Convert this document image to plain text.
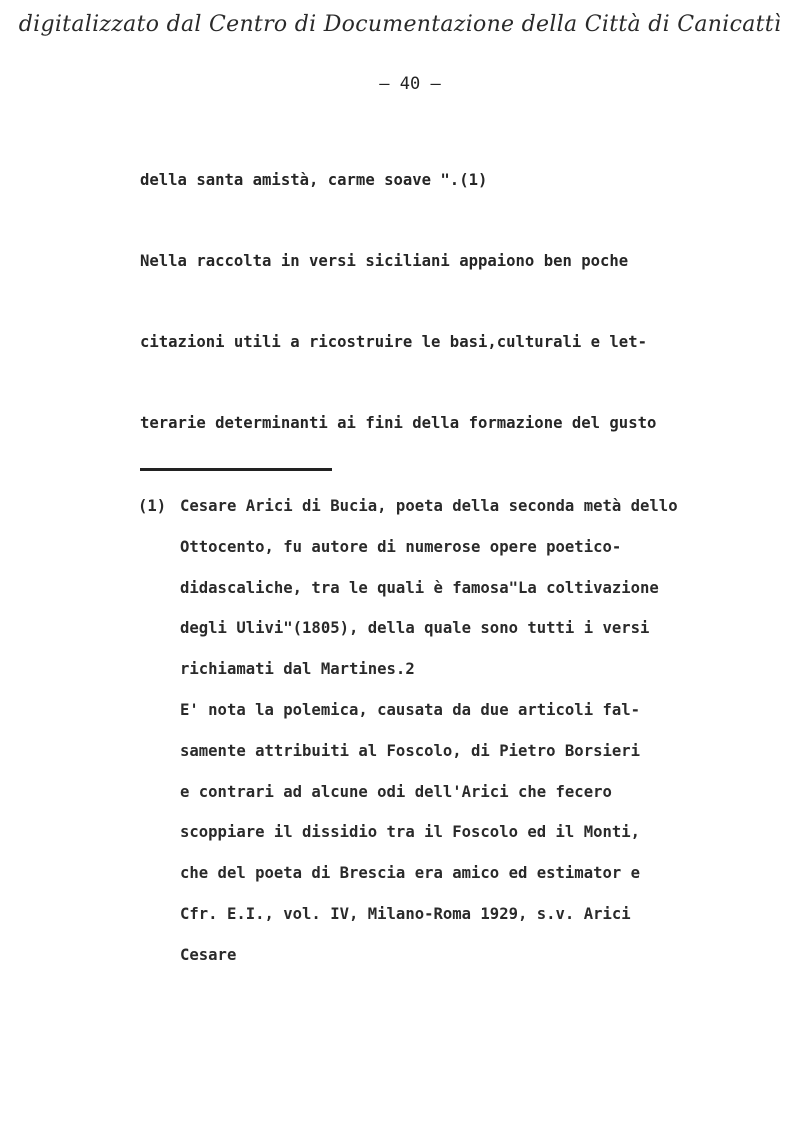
digitalizzato dal Centro di Documentazione della Città di Canicattì
– 40 –
della santa amistà, carme soave ".(1)
Nella raccolta in versi siciliani appaiono ben poche
citazioni utili a ricostruire le basi,culturali e let-
terarie determinanti ai fini della formazione del gusto
(1) Cesare Arici di Bucia, poeta della seconda metà dello
Ottocento, fu autore di numerose opere poetico-
didascaliche, tra le quali è famosa"La coltivazione
degli Ulivi"(1805), della quale sono tutti i versi
richiamati dal Martines.2
E' nota la polemica, causata da due articoli fal-
samente attribuiti al Foscolo, di Pietro Borsieri
e contrari ad alcune odi dell'Arici che fecero
scoppiare il dissidio tra il Foscolo ed il Monti,
che del poeta di Brescia era amico ed estimator e
Cfr. E.I., vol. IV, Milano-Roma 1929, s.v. Arici
Cesare
